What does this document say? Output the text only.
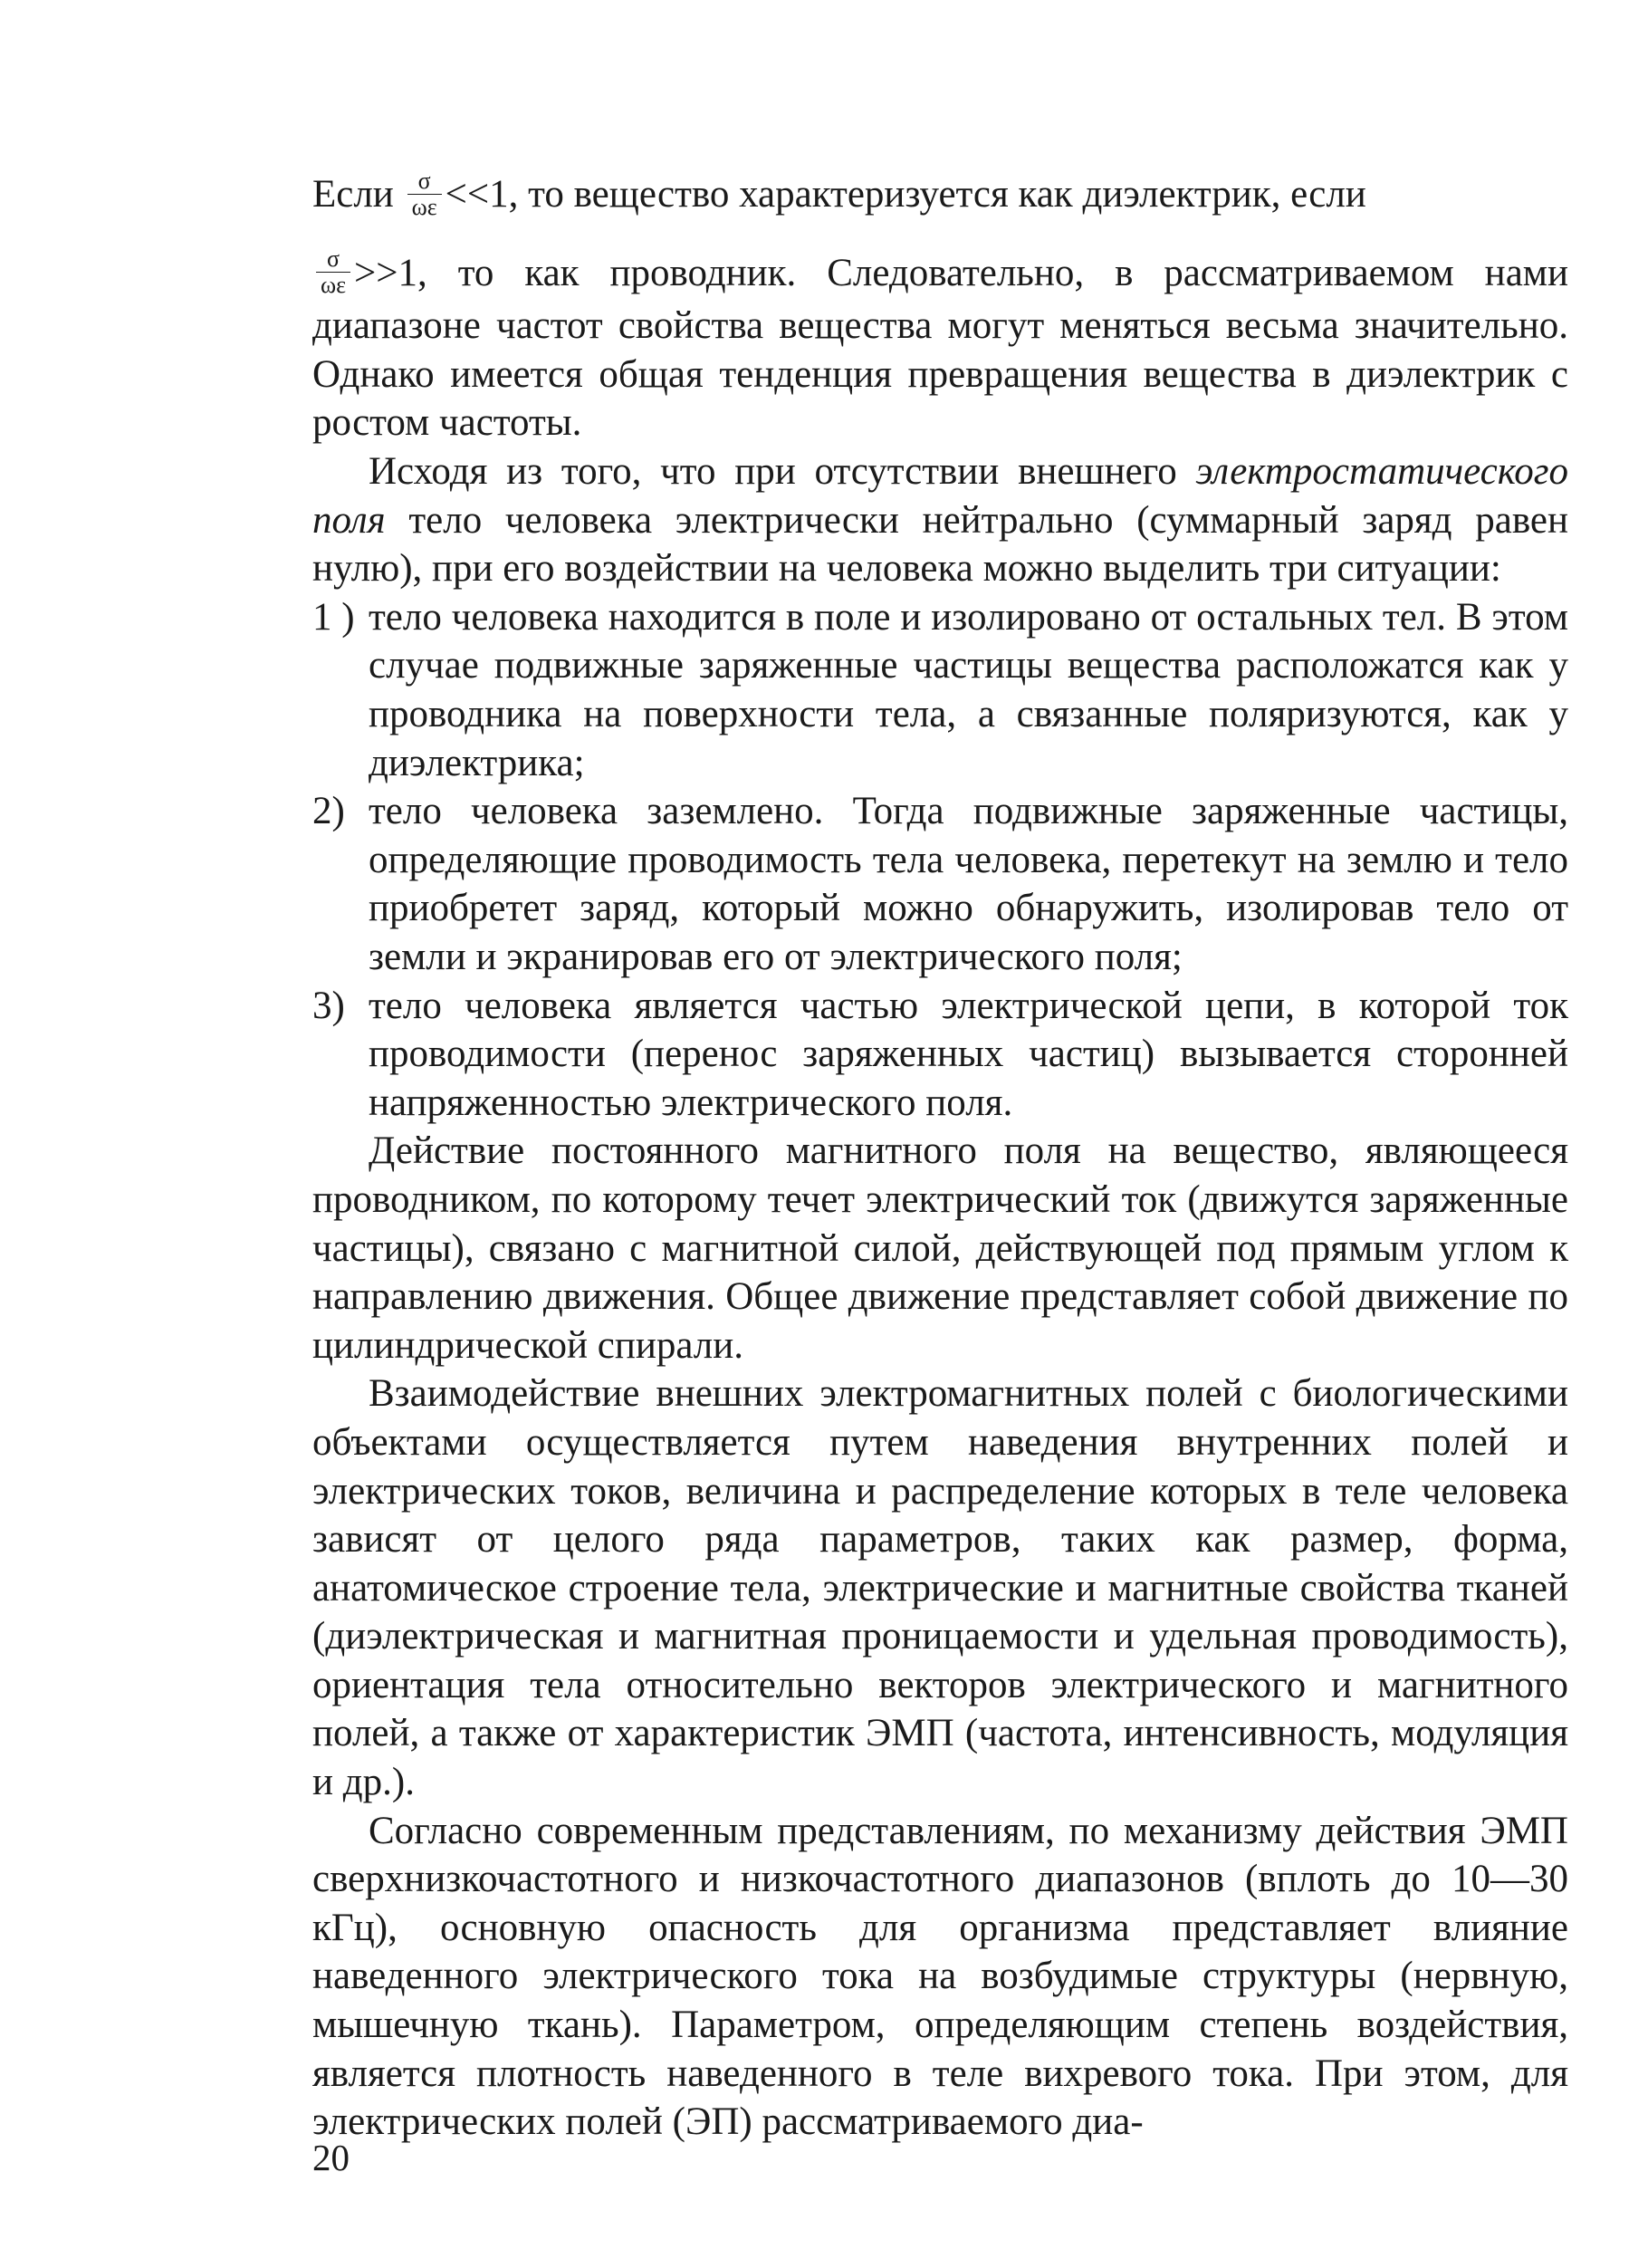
Если $\frac{\sigma}{\omega\varepsilon} <<1$, то вещество характеризуется как диэлектрик, если

$\frac{\sigma}{\omega\varepsilon} >>1$, то как проводник. Следовательно, в рассматриваемом нами диапазоне частот свойства вещества могут меняться весьма значительно. Однако имеется общая тенденция превращения вещества в диэлектрик с ростом частоты.

Исходя из того, что при отсутствии внешнего электростатического поля тело человека электрически нейтрально (суммарный заряд равен нулю), при его воздействии на человека можно выделить три ситуации:

1 ) тело человека находится в поле и изолировано от остальных тел. В этом случае подвижные заряженные частицы вещества расположатся как у проводника на поверхности тела, а связанные поляризуются, как у диэлектрика;
2) тело человека заземлено. Тогда подвижные заряженные частицы, определяющие проводимость тела человека, перетекут на землю и тело приобретет заряд, который можно обнаружить, изолировав тело от земли и экранировав его от электрического поля;
3) тело человека является частью электрической цепи, в которой ток проводимости (перенос заряженных частиц) вызывается сторонней напряженностью электрического поля.

Действие постоянного магнитного поля на вещество, являющееся проводником, по которому течет электрический ток (движутся заряженные частицы), связано с магнитной силой, действующей под прямым углом к направлению движения. Общее движение представляет собой движение по цилиндрической спирали.

Взаимодействие внешних электромагнитных полей с биологическими объектами осуществляется путем наведения внутренних полей и электрических токов, величина и распределение которых в теле человека зависят от целого ряда параметров, таких как размер, форма, анатомическое строение тела, электрические и магнитные свойства тканей (диэлектрическая и магнитная проницаемости и удельная проводимость), ориентация тела относительно векторов электрического и магнитного полей, а также от характеристик ЭМП (частота, интенсивность, модуляция и др.).

Согласно современным представлениям, по механизму действия ЭМП сверхнизкочастотного и низкочастотного диапазонов (вплоть до 10—30 кГц), основную опасность для организма представляет влияние наведенного электрического тока на возбудимые структуры (нервную, мышечную ткань). Параметром, определяющим степень воздействия, является плотность наведенного в теле вихревого тока. При этом, для электрических полей (ЭП) рассматриваемого диа-

20
